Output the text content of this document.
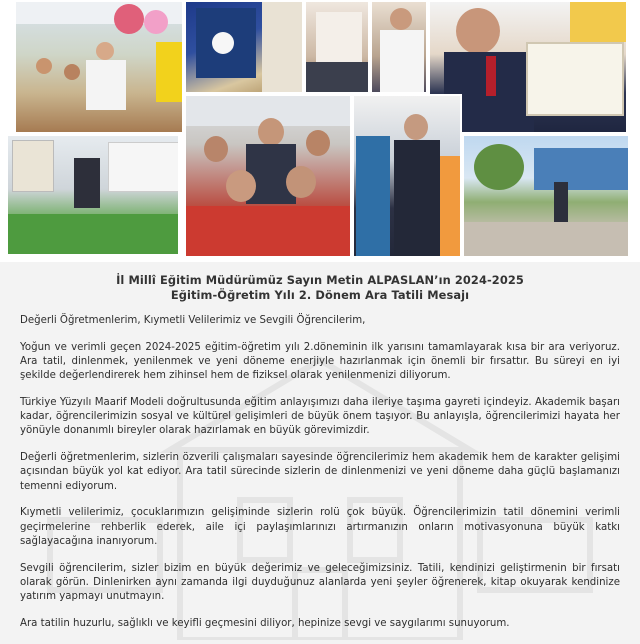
İl Millî Eğitim Müdürümüz Sayın Metin ALPASLAN’ın 2024-2025
Eğitim-Öğretim Yılı 2. Dönem Ara Tatili Mesajı

Değerli Öğretmenlerim, Kıymetli Velilerimiz ve Sevgili Öğrencilerim,

Yoğun ve verimli geçen 2024-2025 eğitim-öğretim yılı 2.döneminin ilk yarısını tamamlayarak kısa bir ara veriyoruz. Ara tatil, dinlenmek, yenilenmek ve yeni döneme enerjiyle hazırlanmak için önemli bir fırsattır. Bu süreyi en iyi şekilde değerlendirerek hem zihinsel hem de fiziksel olarak yenilenmenizi diliyorum.

Türkiye Yüzyılı Maarif Modeli doğrultusunda eğitim anlayışımızı daha ileriye taşıma gayreti içindeyiz. Akademik başarı kadar, öğrencilerimizin sosyal ve kültürel gelişimleri de büyük önem taşıyor. Bu anlayışla, öğrencilerimizi hayata her yönüyle donanımlı bireyler olarak hazırlamak en büyük görevimizdir.

Değerli öğretmenlerim, sizlerin özverili çalışmaları sayesinde öğrencilerimiz hem akademik hem de karakter gelişimi açısından büyük yol kat ediyor. Ara tatil sürecinde sizlerin de dinlenmenizi ve yeni döneme daha güçlü başlamanızı temenni ediyorum.

Kıymetli velilerimiz, çocuklarımızın gelişiminde sizlerin rolü çok büyük. Öğrencilerimizin tatil dönemini verimli geçirmelerine rehberlik ederek, aile içi paylaşımlarınızı artırmanızın onların motivasyonuna büyük katkı sağlayacağına inanıyorum.

Sevgili öğrencilerim, sizler bizim en büyük değerimiz ve geleceğimizsiniz. Tatili, kendinizi geliştirmenin bir fırsatı olarak görün. Dinlenirken aynı zamanda ilgi duyduğunuz alanlarda yeni şeyler öğrenerek, kitap okuyarak kendinize yatırım yapmayı unutmayın.

Ara tatilin huzurlu, sağlıklı ve keyifli geçmesini diliyor, hepinize sevgi ve saygılarımı sunuyorum.
